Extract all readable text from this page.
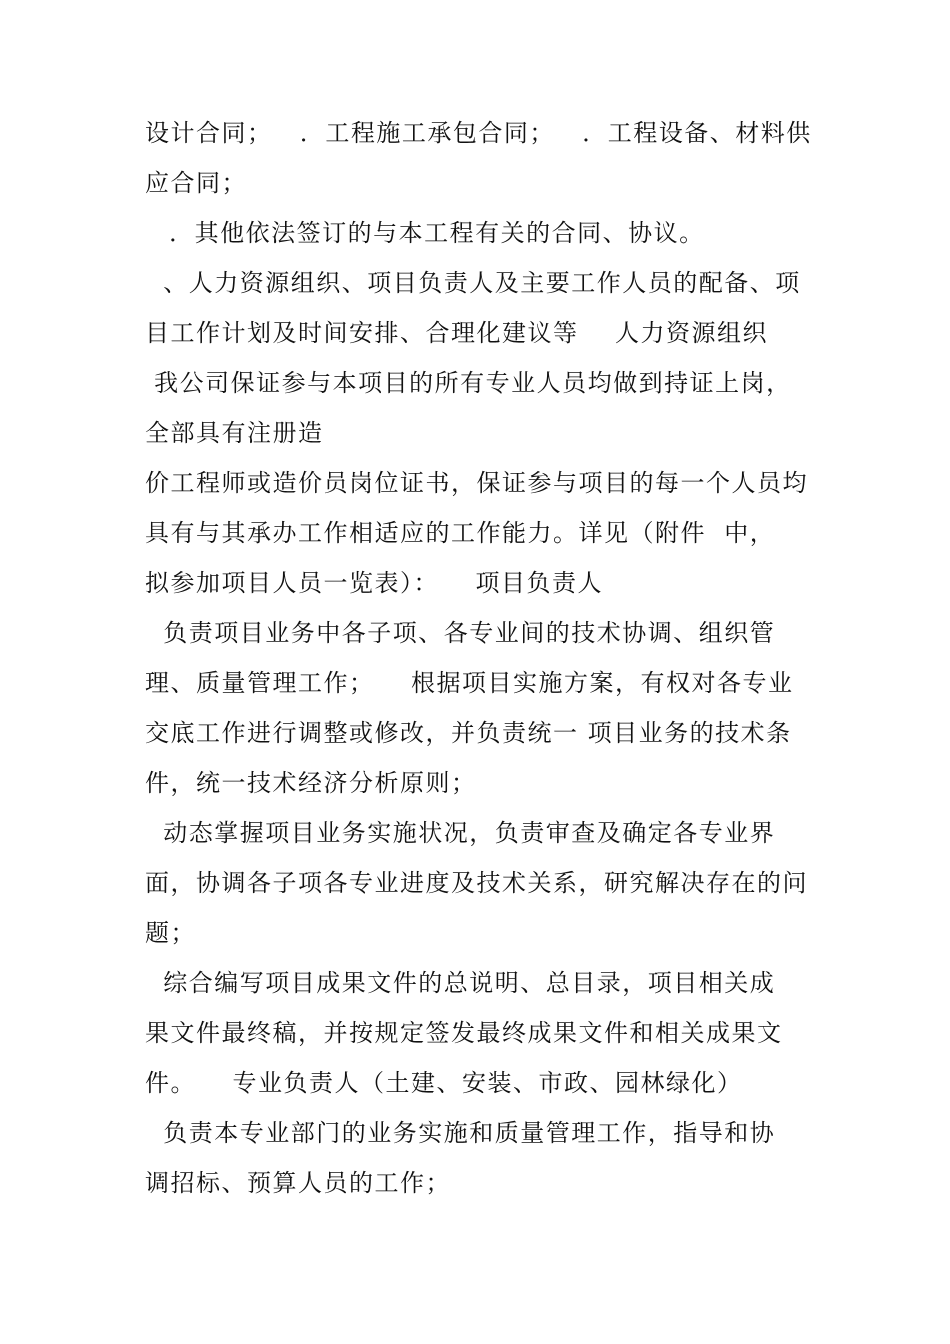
设计合同；   ．工程施工承包合同；   ．工程设备、材料供
应合同；
．其他依法签订的与本工程有关的合同、协议。
、人力资源组织、项目负责人及主要工作人员的配备、项
目工作计划及时间安排、合理化建议等    人力资源组织
我公司保证参与本项目的所有专业人员均做到持证上岗，
全部具有注册造
价工程师或造价员岗位证书，保证参与项目的每一个人员均
具有与其承办工作相适应的工作能力。详见（附件  中，
拟参加项目人员一览表）：    项目负责人
负责项目业务中各子项、各专业间的技术协调、组织管
理、质量管理工作；    根据项目实施方案，有权对各专业
交底工作进行调整或修改，并负责统一 项目业务的技术条
件，统一技术经济分析原则；
动态掌握项目业务实施状况，负责审查及确定各专业界
面，协调各子项各专业进度及技术关系，研究解决存在的问
题；
综合编写项目成果文件的总说明、总目录，项目相关成
果文件最终稿，并按规定签发最终成果文件和相关成果文
件。    专业负责人（土建、安装、市政、园林绿化）
负责本专业部门的业务实施和质量管理工作，指导和协
调招标、预算人员的工作；
